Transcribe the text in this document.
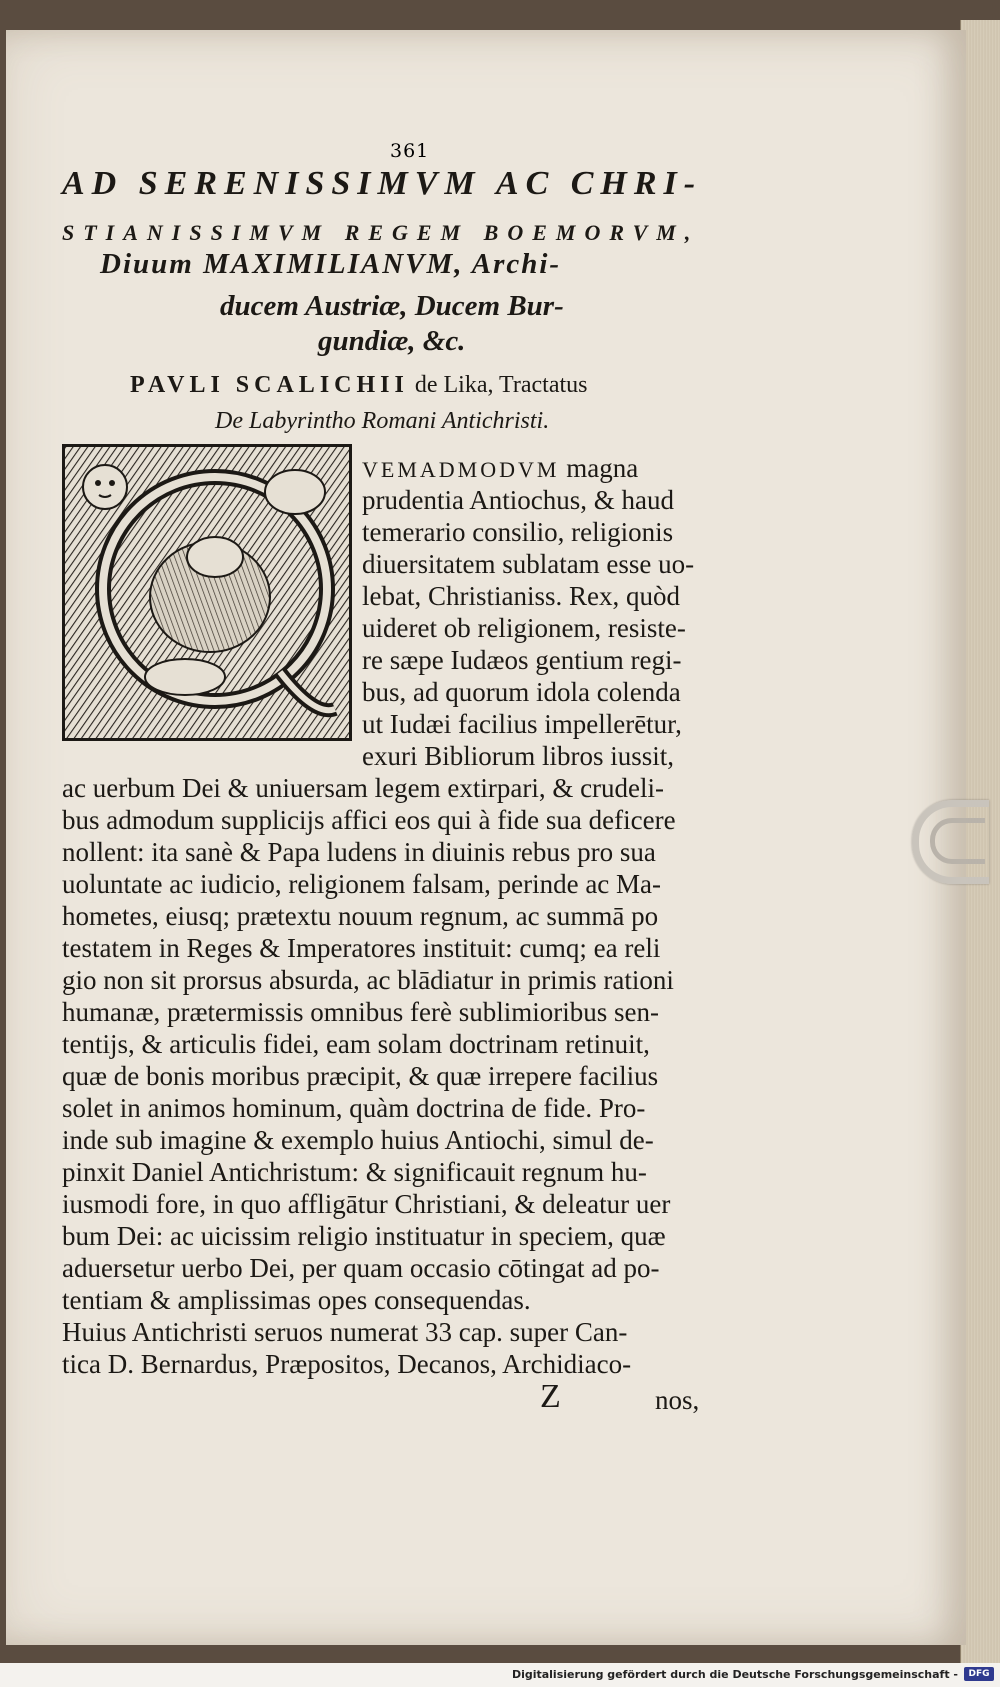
361
AD SERENISSIMVM AC CHRI-
STIANISSIMVM REGEM BOEMORVM,
Diuum MAXIMILIANVM, Archi-
ducem Austriæ, Ducem Bur-
gundiæ, &c.
PAVLI SCALICHII de Lika, Tractatus
De Labyrintho Romani Antichristi.
VEMADMODVM magna
prudentia Antiochus, & haud
temerario consilio, religionis
diuersitatem sublatam esse uo-
lebat, Christianiss. Rex, quòd
uideret ob religionem, resiste-
re sæpe Iudæos gentium regi-
bus, ad quorum idola colenda
ut Iudæi facilius impellerētur,
exuri Bibliorum libros iussit,
ac uerbum Dei & uniuersam legem extirpari, & crudeli-
bus admodum supplicijs affici eos qui à fide sua deficere
nollent: ita sanè & Papa ludens in diuinis rebus pro sua
uoluntate ac iudicio, religionem falsam, perinde ac Ma-
hometes, eiusq; prætextu nouum regnum, ac summā po
testatem in Reges & Imperatores instituit: cumq; ea reli
gio non sit prorsus absurda, ac blādiatur in primis rationi
humanæ, prætermissis omnibus ferè sublimioribus sen-
tentijs, & articulis fidei, eam solam doctrinam retinuit,
quæ de bonis moribus præcipit, & quæ irrepere facilius
solet in animos hominum, quàm doctrina de fide. Pro-
inde sub imagine & exemplo huius Antiochi, simul de-
pinxit Daniel Antichristum: & significauit regnum hu-
iusmodi fore, in quo affligātur Christiani, & deleatur uer
bum Dei: ac uicissim religio instituatur in speciem, quæ
aduersetur uerbo Dei, per quam occasio cōtingat ad po-
tentiam & amplissimas opes consequendas.
Huius Antichristi seruos numerat 33 cap. super Can-
tica D. Bernardus, Præpositos, Decanos, Archidiaco-
Z	nos,
Digitalisierung gefördert durch die Deutsche Forschungsgemeinschaft -	DFG
